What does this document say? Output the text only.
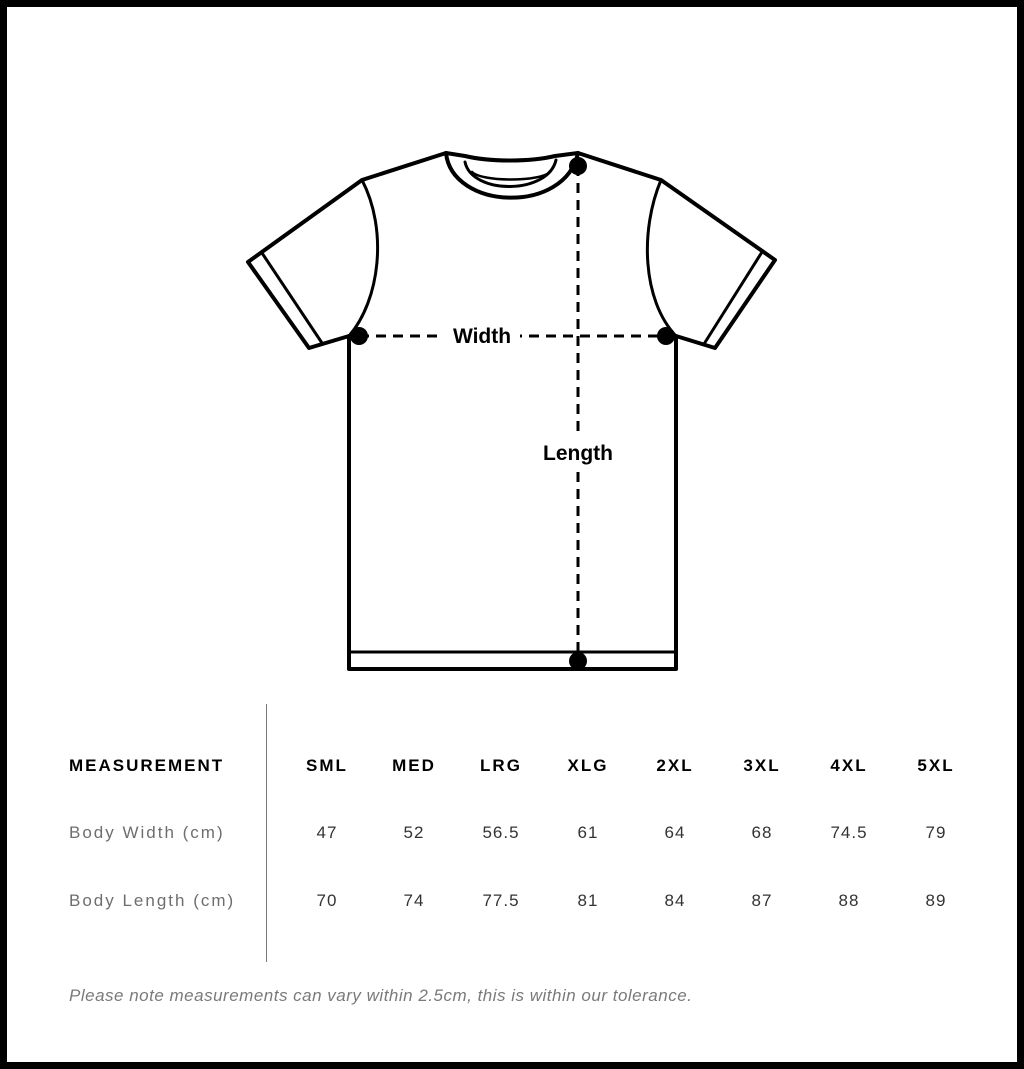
Width
Length
MEASUREMENT	SML	MED	LRG	XLG	2XL	3XL	4XL	5XL
Body Width (cm)	47	52	56.5	61	64	68	74.5	79
Body Length (cm)	70	74	77.5	81	84	87	88	89
Please note measurements can vary within 2.5cm, this is within our tolerance.
